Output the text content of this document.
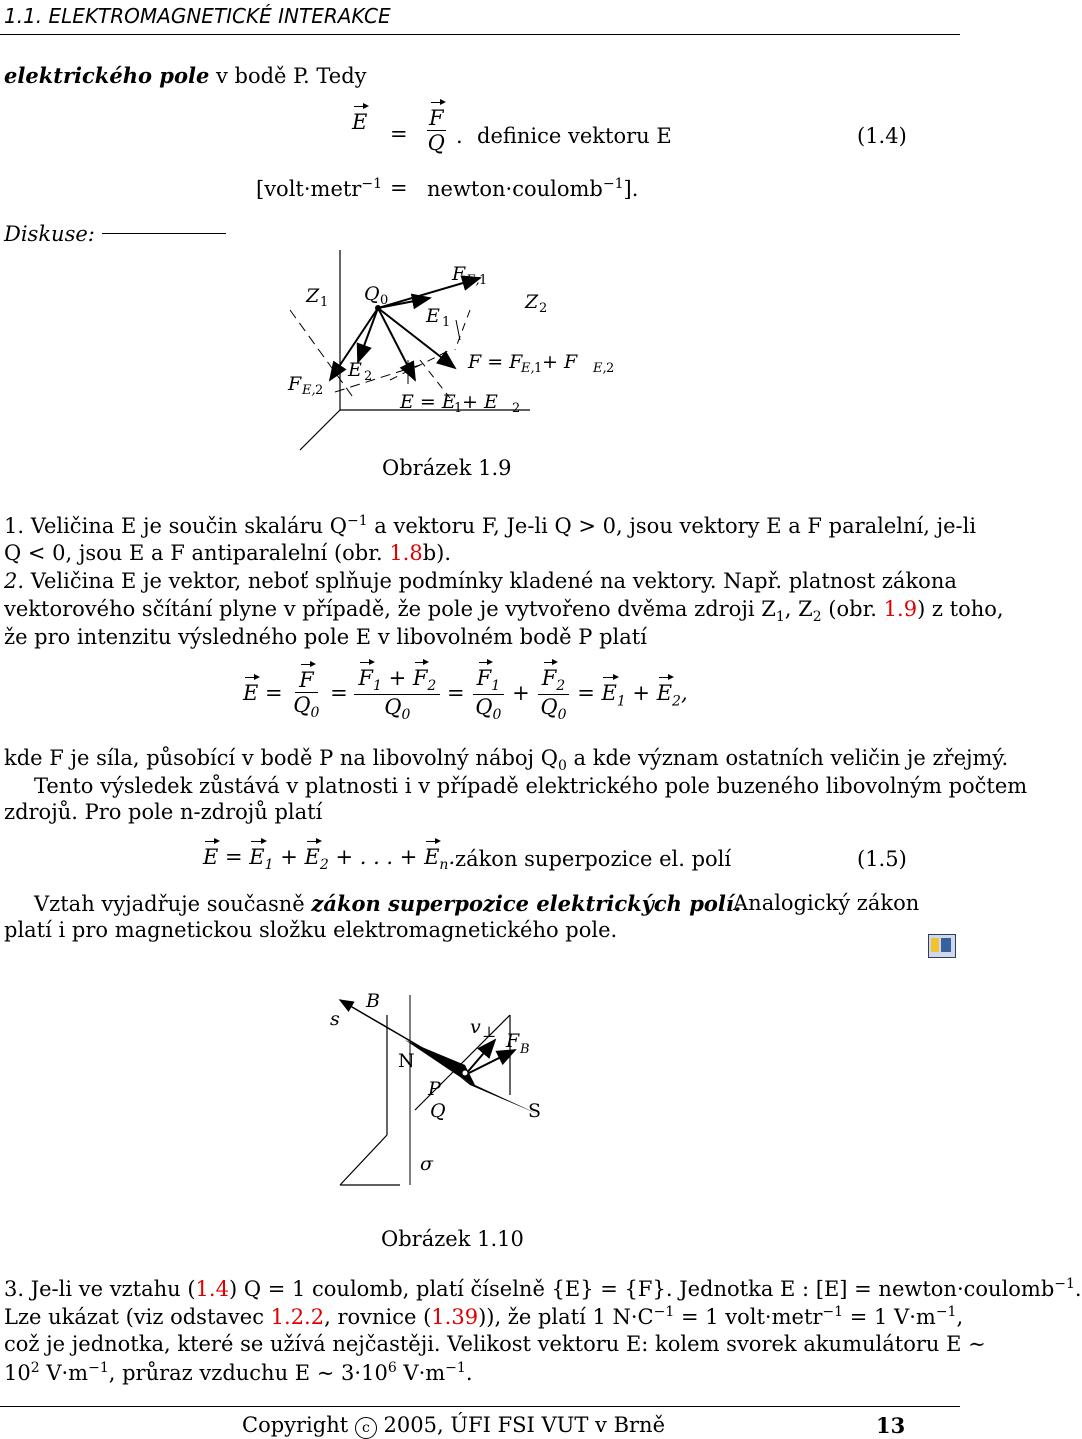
1.1. ELEKTROMAGNETICKÉ INTERAKCE
elektrického pole v bodě P. Tedy
E =
F
Q . definice vektoru E	(1.4)
[volt·metr$^{-1}$ = newton·coulomb$^{-1}$].
Diskuse:
Z 1 Q 0
F E, 1
E 1
Z 2
F E, 2
E 2
F = F
E, 1 + F E, 2
E = E
1 + E 2
Obrázek 1.9
1. Veličina E je součin skaláru $Q^{-1}$ a vektoru F, Je-li Q > 0, jsou vektory E a F paralelní, je-li
Q < 0, jsou E a F antiparalelní (obr. 1.8b).
2. Veličina E je vektor, neboť splňuje podmínky kladené na vektory. Např. platnost zákona
vektorového sčítání plyne v případě, že pole je vytvořeno dvěma zdroji $Z_1$, $Z_2$ (obr. 1.9) z toho,
že pro intenzitu výsledného pole E v libovolném bodě P platí
$E = \frac{F}{Q_0} = \frac{F_1 + F_2}{Q_0} = \frac{F_1}{Q_0} + \frac{F_2}{Q_0} = E_1 + E_2$,
kde F je síla, působící v bodě P na libovolný náboj $Q_0$ a kde význam ostatních veličin je zřejmý.
Tento výsledek zůstává v platnosti i v případě elektrického pole buzeného libovolným počtem
zdrojů. Pro pole n-zdrojů platí
$E = E_1 + E_2$ + . . . + $E_n$. zákon superpozice el. polí	(1.5)
Vztah vyjadřuje současně zákon superpozice elektrických polí.
Analogický zákon
platí i pro magnetickou složku elektromagnetického pole.
s
B
N
v ⊥ F B
P
Q	S
σ
Obrázek 1.10
3. Je-li ve vztahu (1.4) Q = 1 coulomb, platí číselně {E} = {F}. Jednotka E : [E] = newton·coulomb$^{-1}$.
Lze ukázat (viz odstavec 1.2.2, rovnice (1.39)), že platí 1 $N\cdot C^{-1} = 1$ volt·metr$^{-1}$ = 1 $V\cdot m^{-1}$,
což je jednotka, které se užívá nejčastěji. Velikost vektoru E: kolem svorek akumulátoru E ∼
$10^2$ $V\cdot m^{-1}$, průraz vzduchu E ∼ $3\cdot 10^6$ $V\cdot m^{-1}$.
Copyright c 2005, ÚFI FSI VUT v Brně	13
